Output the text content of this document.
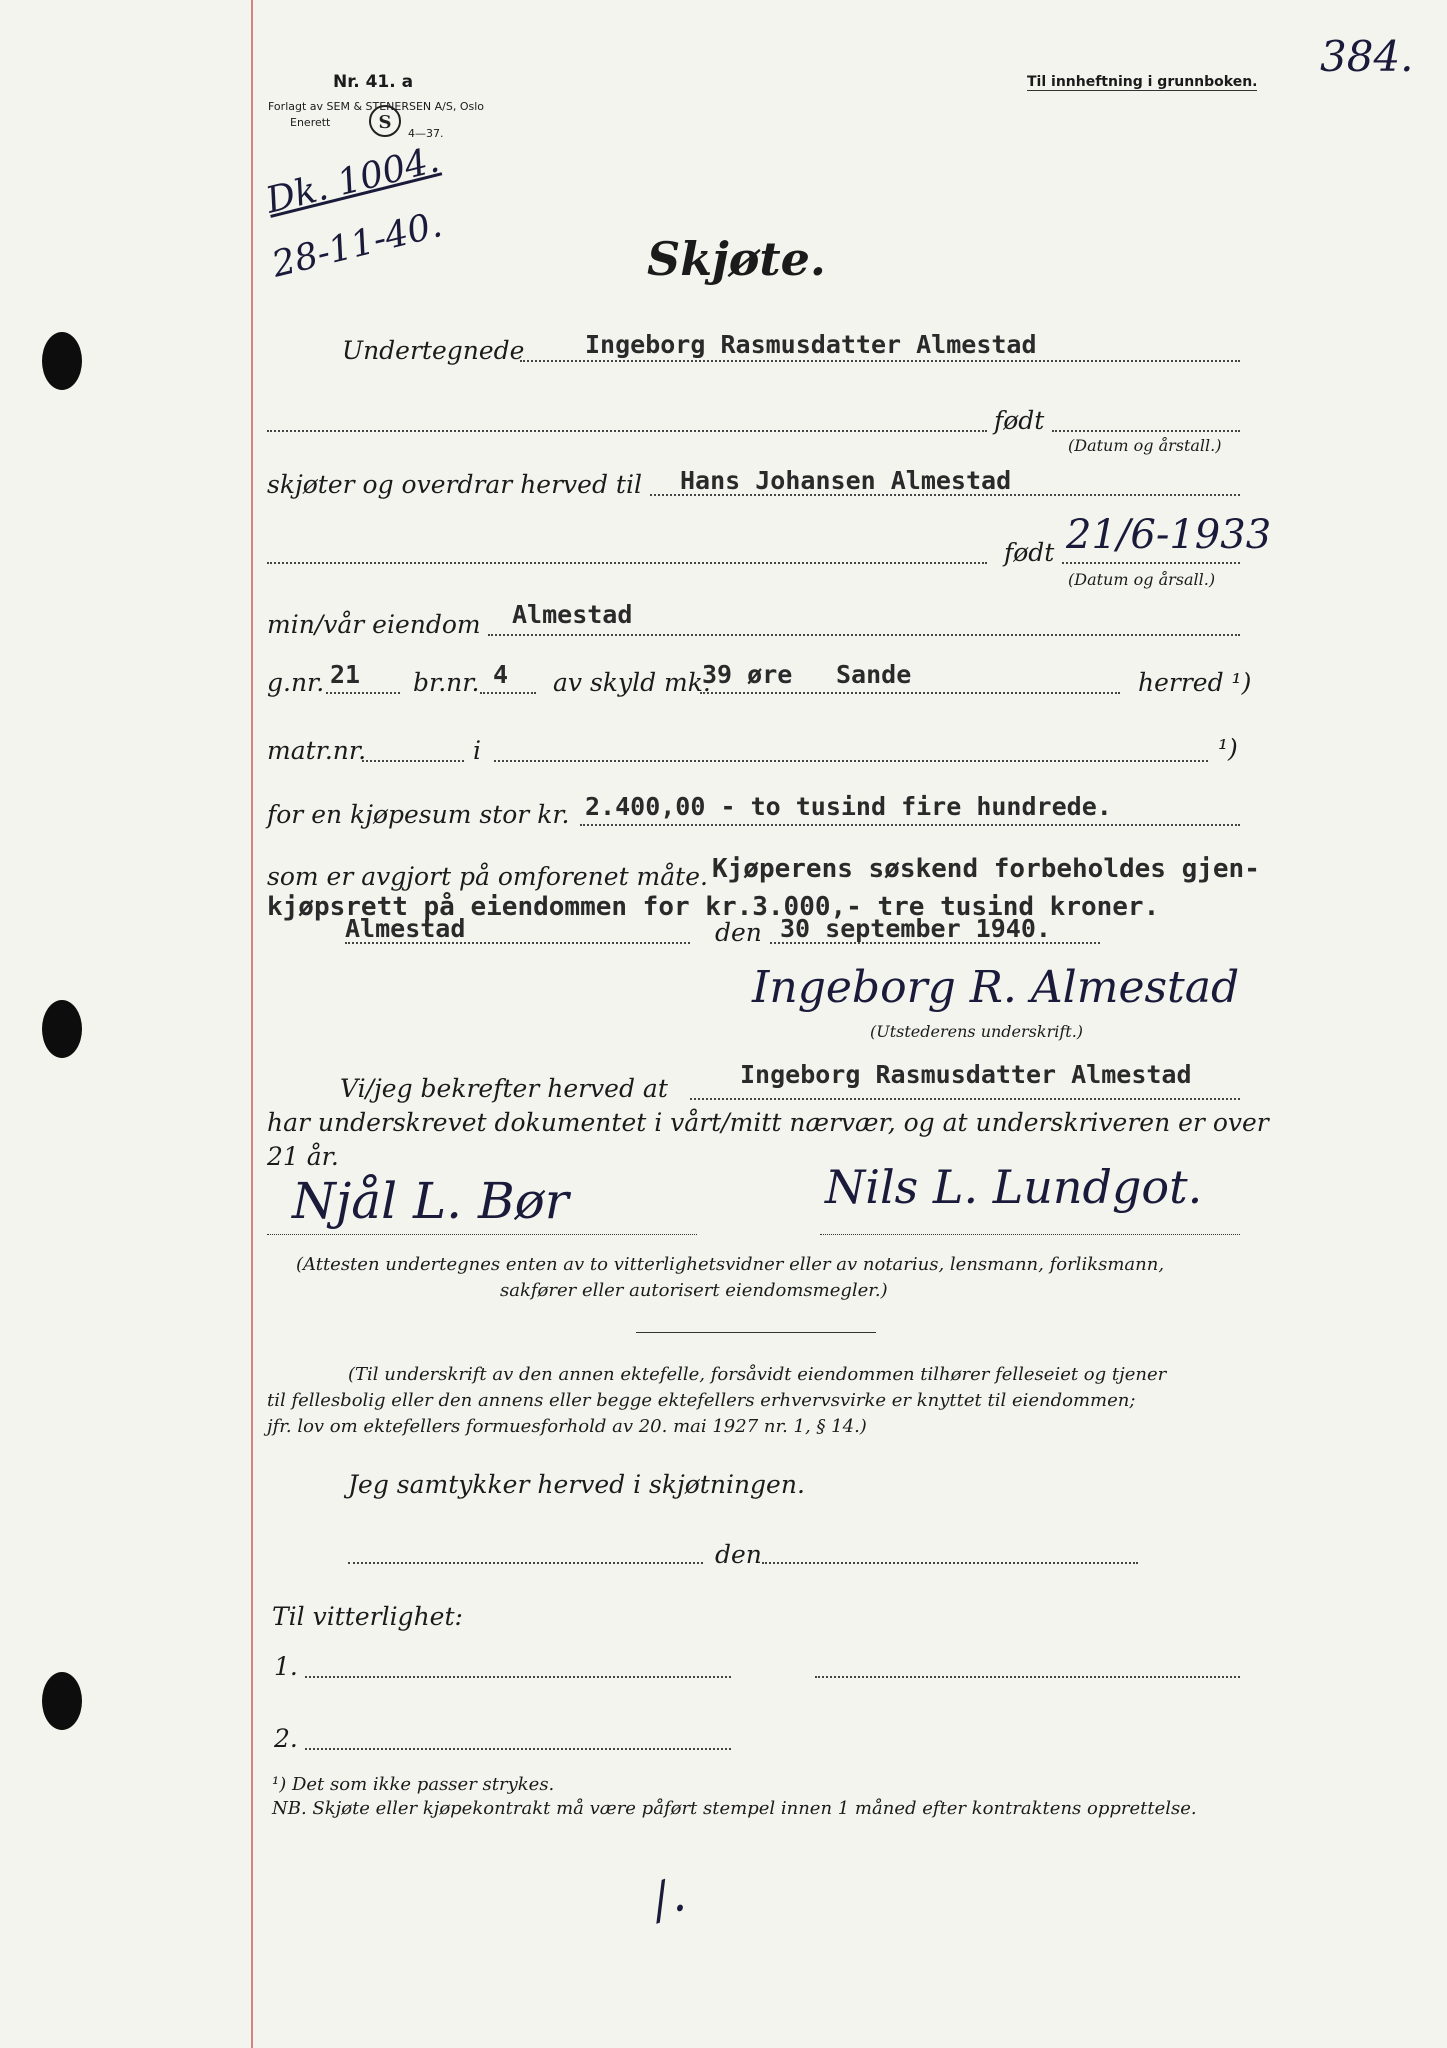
Nr. 41. a
Forlagt av SEM & STENERSEN A/S, Oslo
Enerett	S
4—37.
Til innheftning i grunnboken.
384.
Dk. 1004.
28-11-40.	Skjøte.
Undertegnede Ingeborg Rasmusdatter Almestad
født
(Datum og årstall.)
skjøter og overdrar herved til Hans Johansen Almestad
født 21/6-1933
(Datum og årsall.)
min/vår eiendom Almestad
g.nr. 21 br.nr. 4 av skyld mk.
39 øre Sande	herred ¹)
matr.nr.	i	¹)
for en kjøpesum stor kr. 2.400,00 - to tusind fire hundrede.
som er avgjort på omforenet måte. Kjøperens søskend forbeholdes gjen-
kjøpsrett på eiendommen for kr.3.000,- tre tusind kroner.
Almestad	den 30 september 1940.
Ingeborg R. Almestad
(Utstederens underskrift.)
Vi/jeg bekrefter herved at	Ingeborg Rasmusdatter Almestad
har underskrevet dokumentet i vårt/mitt nærvær, og at underskriveren er over
21 år.
Njål L. Bør	Nils L. Lundgot.
(Attesten undertegnes enten av to vitterlighetsvidner eller av notarius, lensmann, forliksmann,
sakfører eller autorisert eiendomsmegler.)
(Til underskrift av den annen ektefelle, forsåvidt eiendommen tilhører felleseiet og tjener
til fellesbolig eller den annens eller begge ektefellers erhvervsvirke er knyttet til eiendommen;
jfr. lov om ektefellers formuesforhold av 20. mai 1927 nr. 1, § 14.)
Jeg samtykker herved i skjøtningen.
den
Til vitterlighet:
1.
2.
¹) Det som ikke passer strykes.
NB. Skjøte eller kjøpekontrakt må være påført stempel innen 1 måned efter kontraktens opprettelse.
/.
